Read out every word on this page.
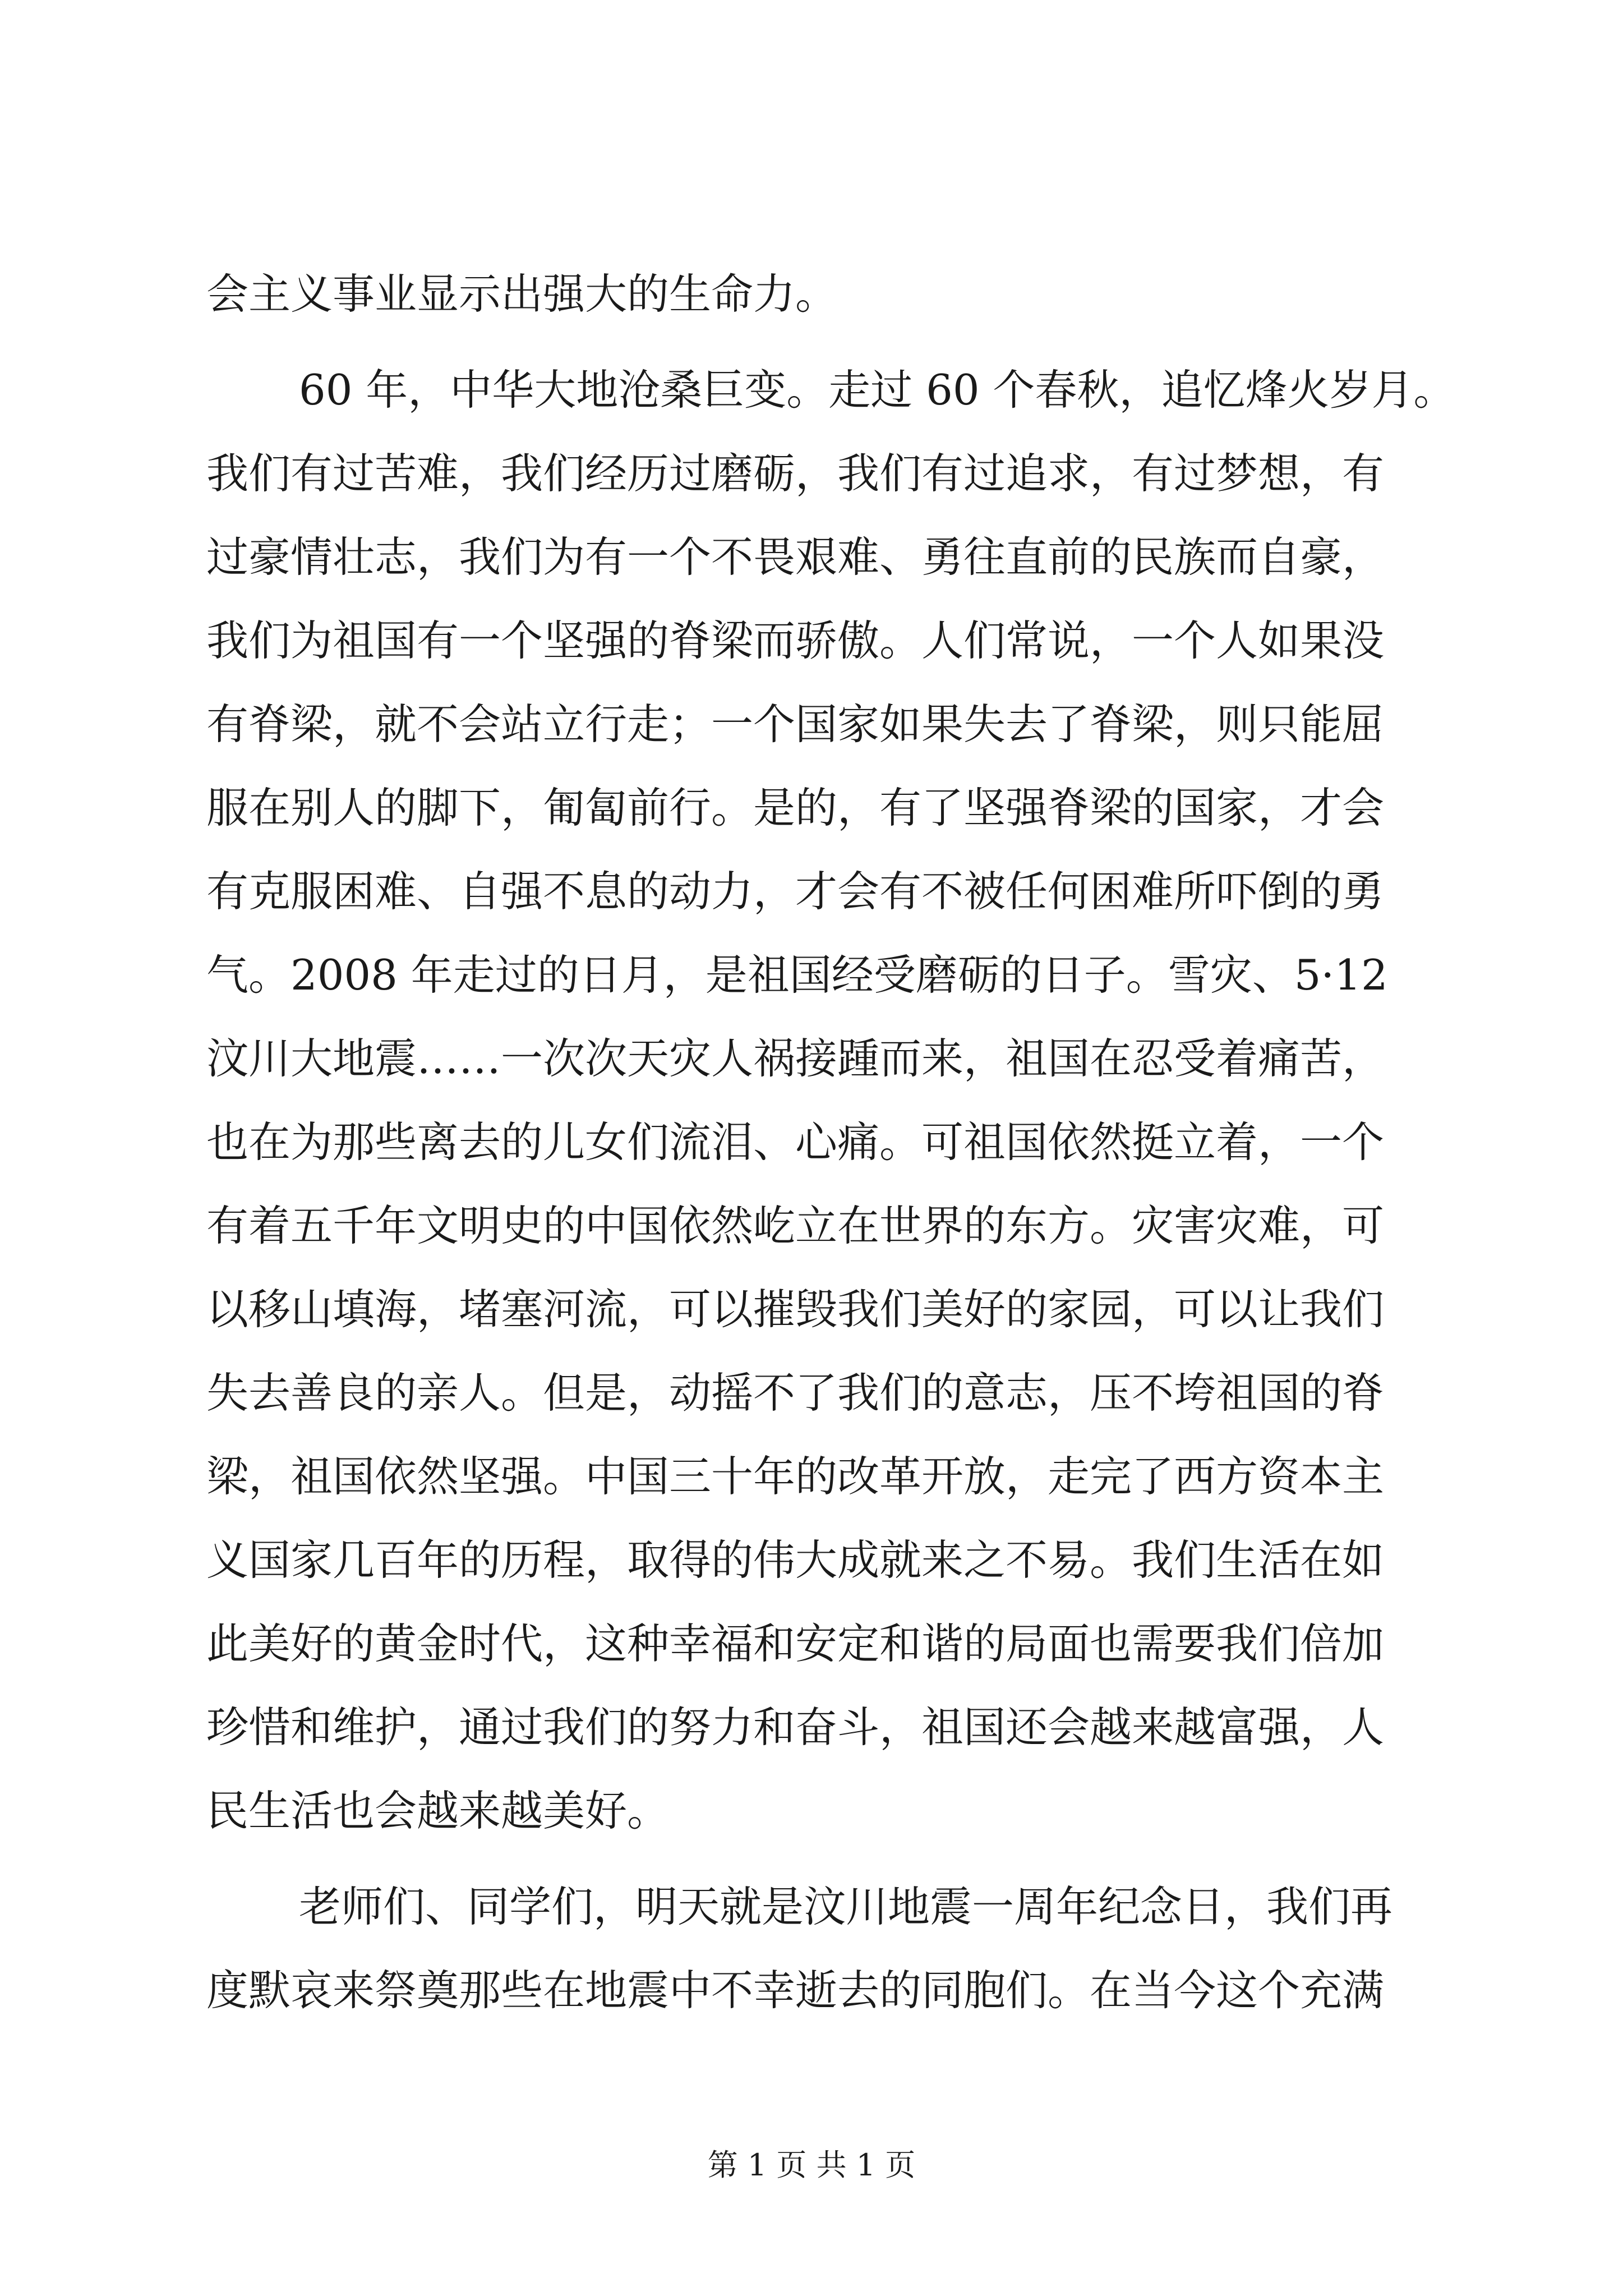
会主义事业显示出强大的生命力。
60 年，中华大地沧桑巨变。走过 60 个春秋，追忆烽火岁月。
我们有过苦难，我们经历过磨砺，我们有过追求，有过梦想，有
过豪情壮志，我们为有一个不畏艰难、勇往直前的民族而自豪，
我们为祖国有一个坚强的脊梁而骄傲。人们常说，一个人如果没
有脊梁，就不会站立行走；一个国家如果失去了脊梁，则只能屈
服在别人的脚下，匍匐前行。是的，有了坚强脊梁的国家，才会
有克服困难、自强不息的动力，才会有不被任何困难所吓倒的勇
气。2008 年走过的日月，是祖国经受磨砺的日子。雪灾、5·12
汶川大地震……一次次天灾人祸接踵而来，祖国在忍受着痛苦，
也在为那些离去的儿女们流泪、心痛。可祖国依然挺立着，一个
有着五千年文明史的中国依然屹立在世界的东方。灾害灾难，可
以移山填海，堵塞河流，可以摧毁我们美好的家园，可以让我们
失去善良的亲人。但是，动摇不了我们的意志，压不垮祖国的脊
梁，祖国依然坚强。中国三十年的改革开放，走完了西方资本主
义国家几百年的历程，取得的伟大成就来之不易。我们生活在如
此美好的黄金时代，这种幸福和安定和谐的局面也需要我们倍加
珍惜和维护，通过我们的努力和奋斗，祖国还会越来越富强，人
民生活也会越来越美好。
老师们、同学们，明天就是汶川地震一周年纪念日，我们再
度默哀来祭奠那些在地震中不幸逝去的同胞们。在当今这个充满
第 1 页 共 1 页
